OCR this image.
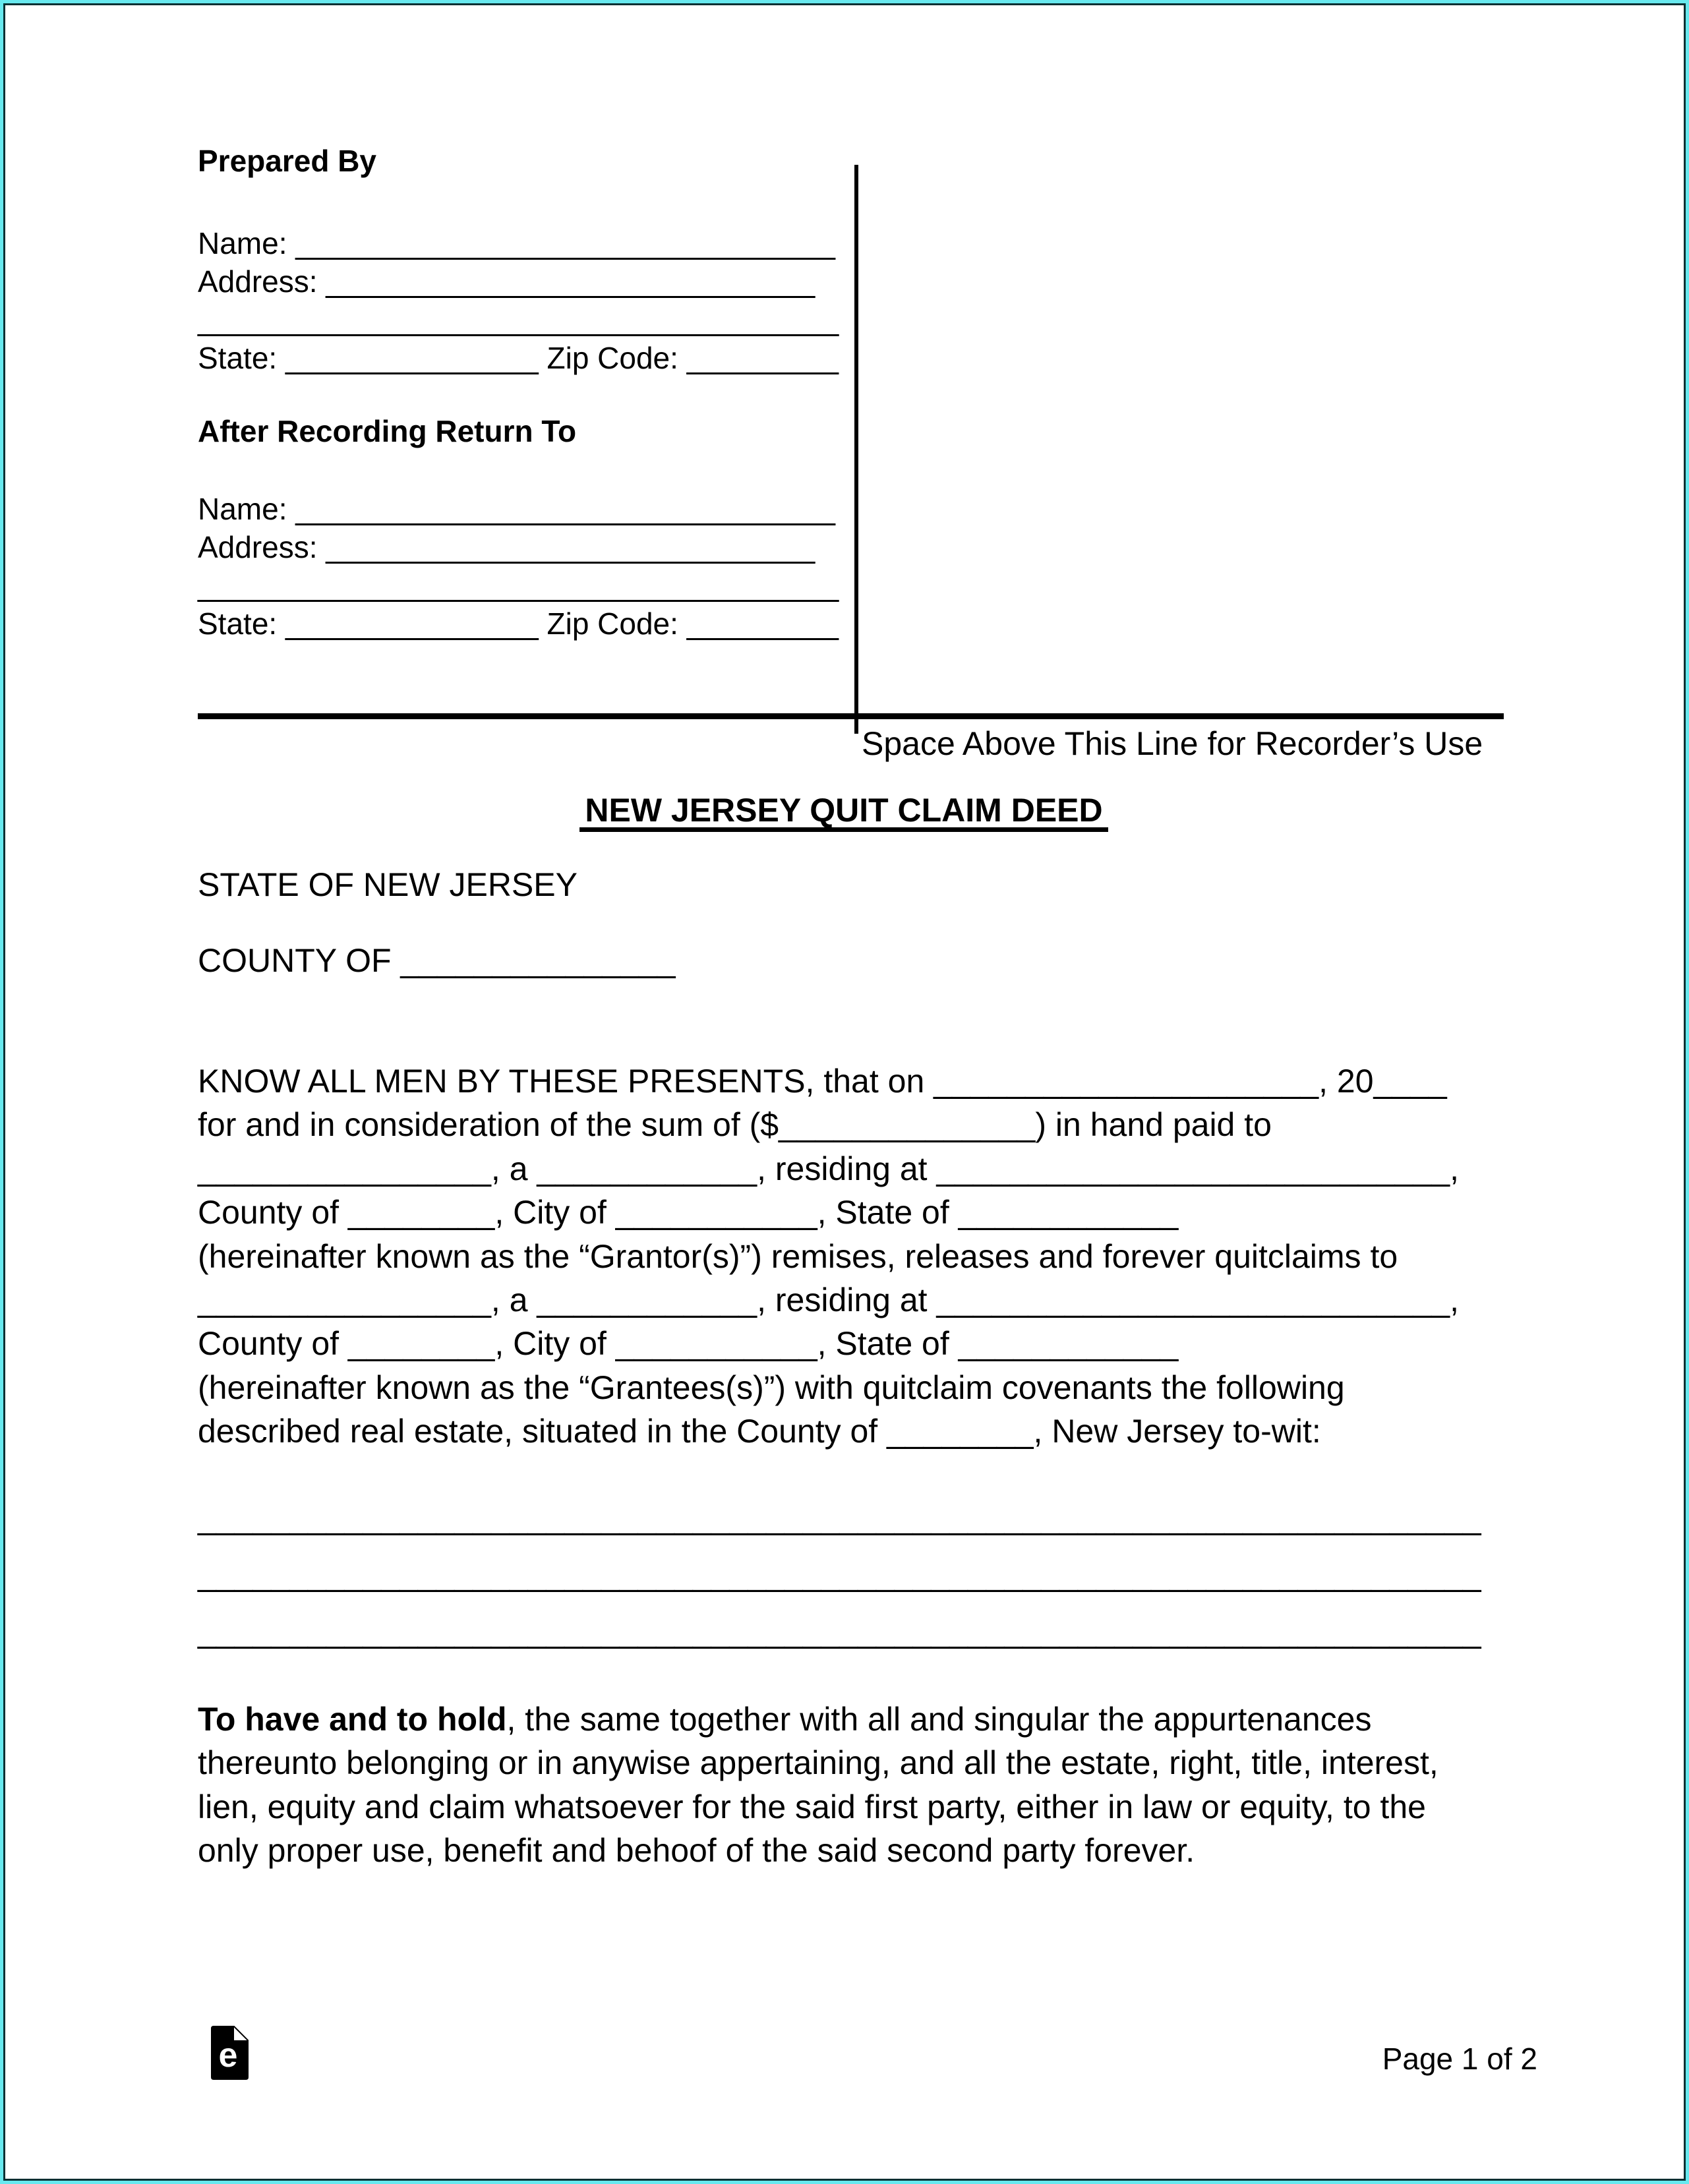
Prepared By
Name: ________________________________
Address: _____________________________
______________________________________
State: _______________ Zip Code: _________
After Recording Return To
Name: ________________________________
Address: _____________________________
______________________________________
State: _______________ Zip Code: _________
Space Above This Line for Recorder’s Use
NEW JERSEY QUIT CLAIM DEED
STATE OF NEW JERSEY
COUNTY OF _______________
KNOW ALL MEN BY THESE PRESENTS, that on _____________________, 20____
for and in consideration of the sum of ($______________) in hand paid to
________________, a ____________, residing at ____________________________,
County of ________, City of ___________, State of ____________
(hereinafter known as the “Grantor(s)”) remises, releases and forever quitclaims to
________________, a ____________, residing at ____________________________,
County of ________, City of ___________, State of ____________
(hereinafter known as the “Grantees(s)”) with quitclaim covenants the following
described real estate, situated in the County of ________, New Jersey to-wit:
______________________________________________________________________
______________________________________________________________________
______________________________________________________________________
To have and to hold, the same together with all and singular the appurtenances
thereunto belonging or in anywise appertaining, and all the estate, right, title, interest,
lien, equity and claim whatsoever for the said first party, either in law or equity, to the
only proper use, benefit and behoof of the said second party forever.
e	Page 1 of 2
